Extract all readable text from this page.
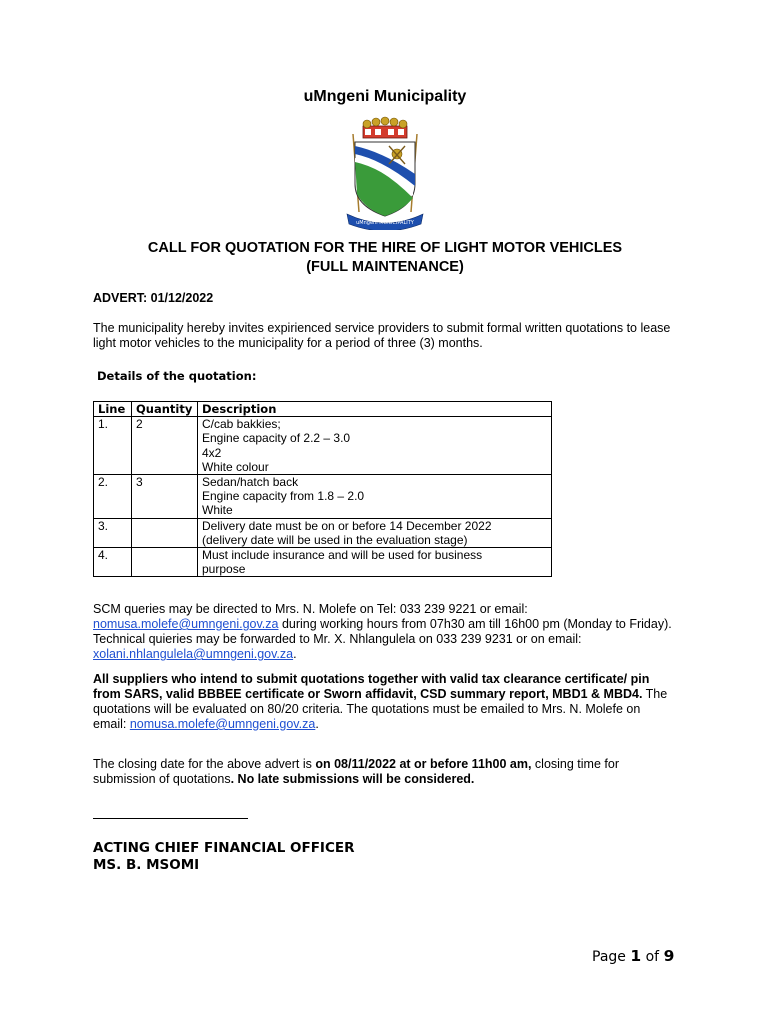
uMngeni Municipality
uMngeni MUNICIPALITY
CALL FOR QUOTATION FOR THE HIRE OF LIGHT MOTOR VEHICLES
(FULL MAINTENANCE)
ADVERT: 01/12/2022
The municipality hereby invites expirienced service providers to submit formal written quotations to lease light motor vehicles to the municipality for a period of three (3) months.
Details of the quotation:
Line	Quantity	Description
1.	2	C/cab bakkies;
Engine capacity of 2.2 – 3.0
4x2
White colour

2.	3	Sedan/hatch back
Engine capacity from 1.8 – 2.0
White

3.		Delivery date must be on or before 14 December 2022
(delivery date will be used in the evaluation stage)

4.		Must include insurance and will be used for business
purpose
SCM queries may be directed to Mrs. N. Molefe on Tel: 033 239 9221 or email: nomusa.molefe@umngeni.gov.za during working hours from 07h30 am till 16h00 pm (Monday to Friday). Technical quieries may be forwarded to Mr. X. Nhlangulela on 033 239 9231 or on email: xolani.nhlangulela@umngeni.gov.za.
All suppliers who intend to submit quotations together with valid tax clearance certificate/ pin from SARS, valid BBBEE certificate or Sworn affidavit, CSD summary report, MBD1 & MBD4. The quotations will be evaluated on 80/20 criteria. The quotations must be emailed to Mrs. N. Molefe on email: nomusa.molefe@umngeni.gov.za.
The closing date for the above advert is on 08/11/2022 at or before 11h00 am, closing time for submission of quotations. No late submissions will be considered.
ACTING CHIEF FINANCIAL OFFICER
MS. B. MSOMI
Page 1 of 9
